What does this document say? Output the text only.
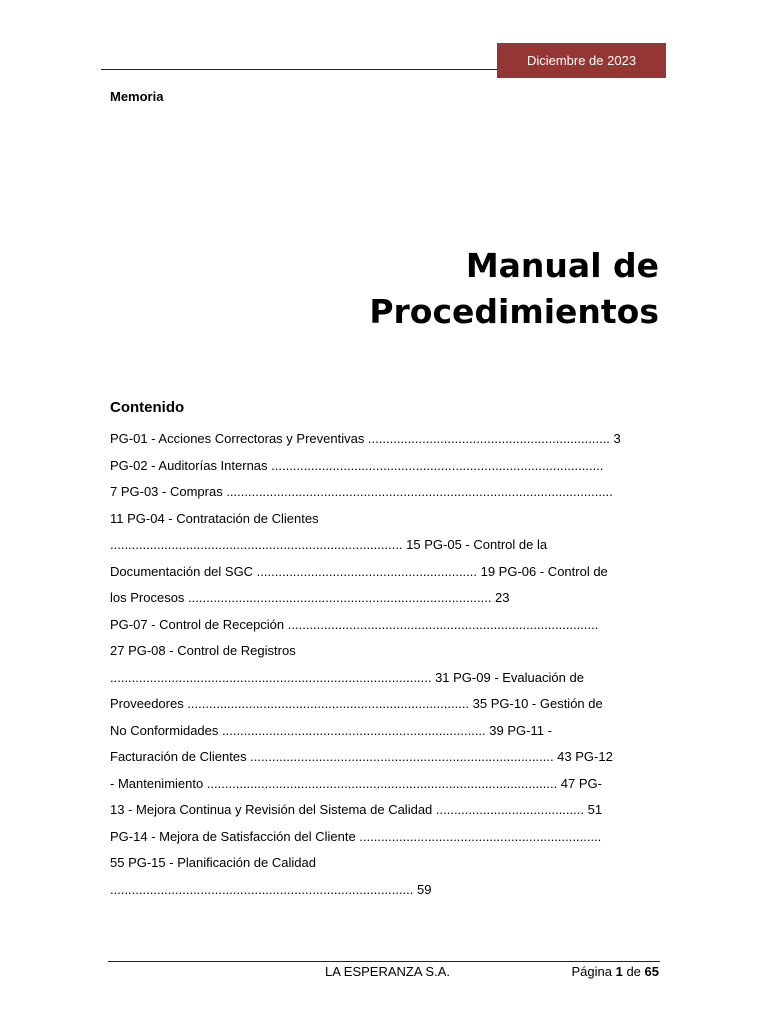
Diciembre de 2023
Memoria
Manual de
Procedimientos
Contenido
PG-01 - Acciones Correctoras y Preventivas ................................................................... 3
PG-02 - Auditorías Internas ............................................................................................
7 PG-03 - Compras ...........................................................................................................
11 PG-04 - Contratación de Clientes
................................................................................. 15 PG-05 - Control de la
Documentación del SGC ............................................................. 19 PG-06 - Control de
los Procesos .................................................................................... 23
PG-07 - Control de Recepción ......................................................................................
27 PG-08 - Control de Registros
......................................................................................... 31 PG-09 - Evaluación de
Proveedores .............................................................................. 35 PG-10 - Gestión de
No Conformidades ......................................................................... 39 PG-11 -
Facturación de Clientes .................................................................................... 43 PG-12
- Mantenimiento ................................................................................................. 47 PG-
13 - Mejora Continua y Revisión del Sistema de Calidad ......................................... 51
PG-14 - Mejora de Satisfacción del Cliente ...................................................................
55 PG-15 - Planificación de Calidad
.................................................................................... 59
LA ESPERANZA S.A.	Página 1 de 65
